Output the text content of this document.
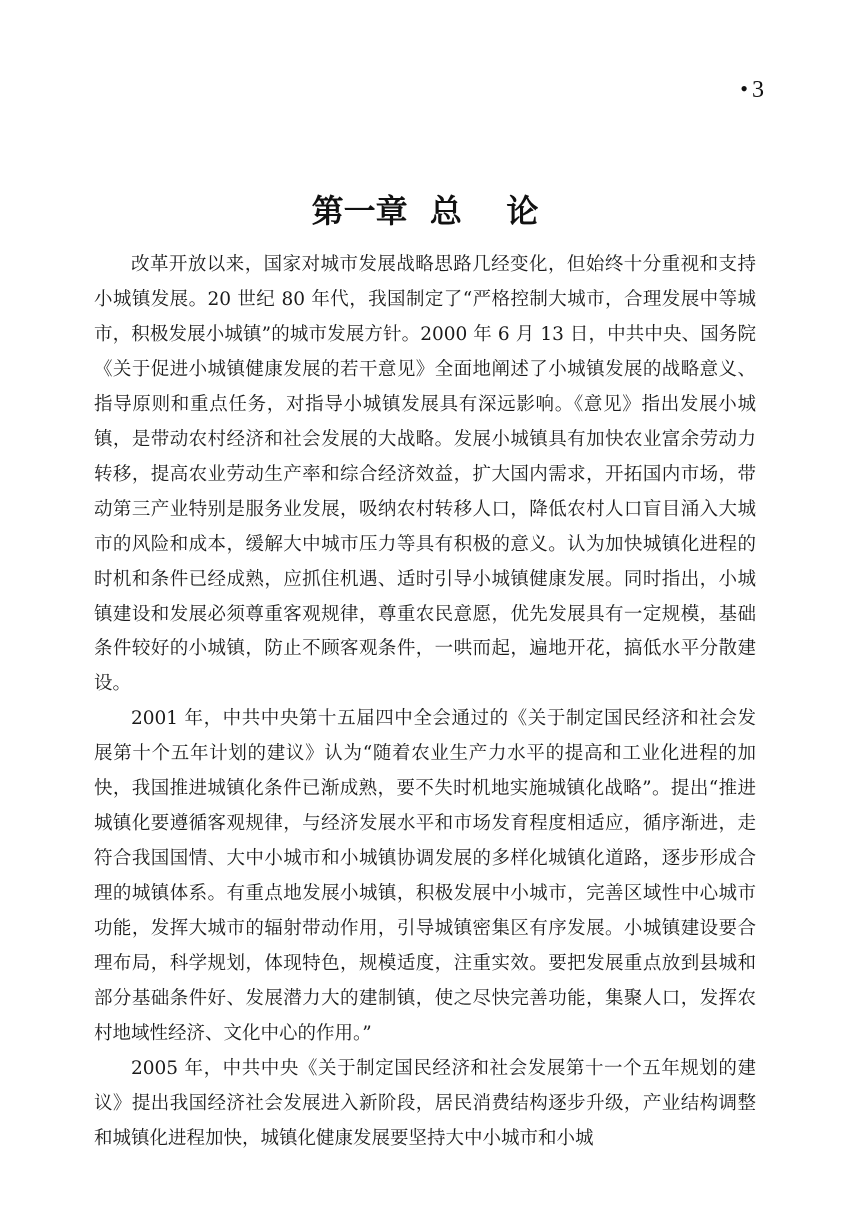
• 3
第一章  总    论

改革开放以来，国家对城市发展战略思路几经变化，但始终十分重视和支持小城镇发展。20 世纪 80 年代，我国制定了“严格控制大城市，合理发展中等城市，积极发展小城镇”的城市发展方针。2000 年 6 月 13 日，中共中央、国务院《关于促进小城镇健康发展的若干意见》全面地阐述了小城镇发展的战略意义、指导原则和重点任务，对指导小城镇发展具有深远影响。《意见》指出发展小城镇，是带动农村经济和社会发展的大战略。发展小城镇具有加快农业富余劳动力转移，提高农业劳动生产率和综合经济效益，扩大国内需求，开拓国内市场，带动第三产业特别是服务业发展，吸纳农村转移人口，降低农村人口盲目涌入大城市的风险和成本，缓解大中城市压力等具有积极的意义。认为加快城镇化进程的时机和条件已经成熟，应抓住机遇、适时引导小城镇健康发展。同时指出，小城镇建设和发展必须尊重客观规律，尊重农民意愿，优先发展具有一定规模，基础条件较好的小城镇，防止不顾客观条件，一哄而起，遍地开花，搞低水平分散建设。

2001 年，中共中央第十五届四中全会通过的《关于制定国民经济和社会发展第十个五年计划的建议》认为“随着农业生产力水平的提高和工业化进程的加快，我国推进城镇化条件已渐成熟，要不失时机地实施城镇化战略”。提出“推进城镇化要遵循客观规律，与经济发展水平和市场发育程度相适应，循序渐进，走符合我国国情、大中小城市和小城镇协调发展的多样化城镇化道路，逐步形成合理的城镇体系。有重点地发展小城镇，积极发展中小城市，完善区域性中心城市功能，发挥大城市的辐射带动作用，引导城镇密集区有序发展。小城镇建设要合理布局，科学规划，体现特色，规模适度，注重实效。要把发展重点放到县城和部分基础条件好、发展潜力大的建制镇，使之尽快完善功能，集聚人口，发挥农村地域性经济、文化中心的作用。”

2005 年，中共中央《关于制定国民经济和社会发展第十一个五年规划的建议》提出我国经济社会发展进入新阶段，居民消费结构逐步升级，产业结构调整和城镇化进程加快，城镇化健康发展要坚持大中小城市和小城
